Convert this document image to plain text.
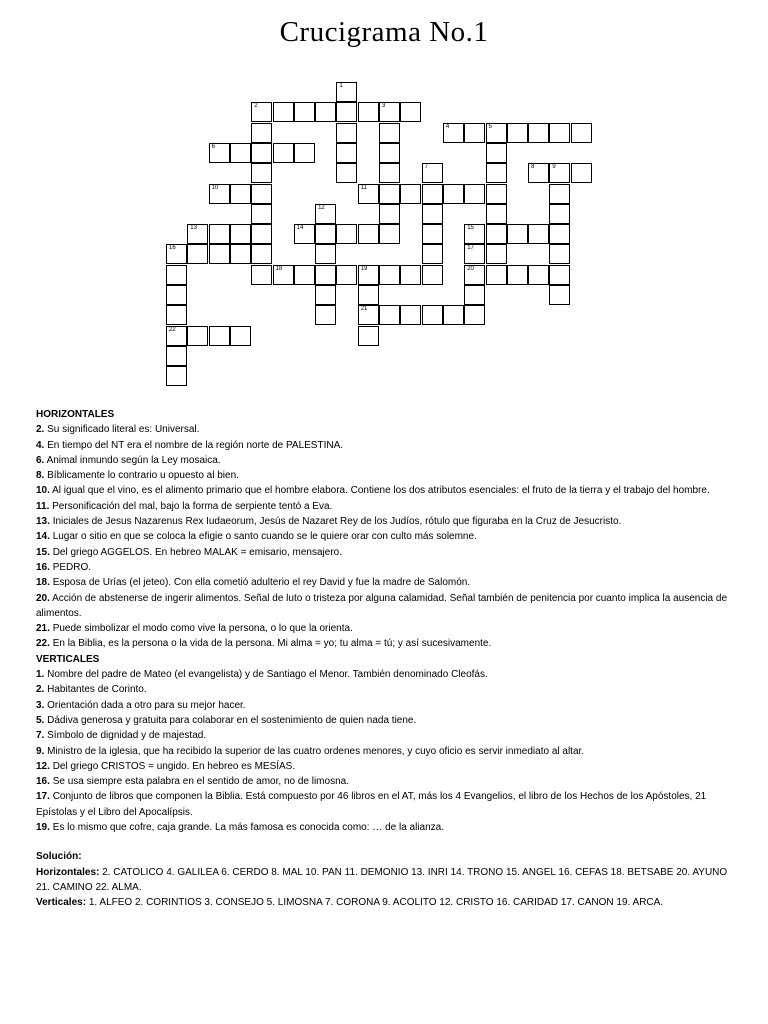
Crucigrama No.1
1
2	3
4	5
6
7	8	9
10	11
12
13	14	15
16
22
17
20
18	19
21

HORIZONTALES

2. Su significado literal es: Universal.

4. En tiempo del NT era el nombre de la región norte de PALESTINA.

6. Animal inmundo según la Ley mosaica.

8. Bíblicamente lo contrario u opuesto al bien.

10. Al igual que el vino, es el alimento primario que el hombre elabora. Contiene los dos atributos esenciales: el fruto de la tierra y el trabajo del hombre.

11. Personificación del mal, bajo la forma de serpiente tentó a Eva.

13. Iniciales de Jesus Nazarenus Rex Iudaeorum, Jesús de Nazaret Rey de los Judíos, rótulo que figuraba en la Cruz de Jesucristo.

14. Lugar o sitio en que se coloca la efigie o santo cuando se le quiere orar con culto más solemne.

15. Del griego AGGELOS. En hebreo MALAK = emisario, mensajero.

16. PEDRO.

18. Esposa de Urías (el jeteo). Con ella cometió adulterio el rey David y fue la madre de Salomón.

20. Acción de abstenerse de ingerir alimentos. Señal de luto o tristeza por alguna calamidad. Señal también de penitencia por cuanto implica la ausencia de alimentos.

21. Puede simbolizar el modo como vive la persona, o lo que la orienta.

22. En la Biblia, es la persona o la vida de la persona. Mi alma = yo; tu alma = tú; y así sucesivamente.

VERTICALES

1. Nombre del padre de Mateo (el evangelista) y de Santiago el Menor. También denominado Cleofás.

2. Habitantes de Corinto.

3. Orientación dada a otro para su mejor hacer.

5. Dádiva generosa y gratuita para colaborar en el sostenimiento de quien nada tiene.

7. Símbolo de dignidad y de majestad.

9. Ministro de la iglesia, que ha recibido la superior de las cuatro ordenes menores, y cuyo oficio es servir inmediato al altar.

12. Del griego CRISTOS = ungido. En hebreo es MESÍAS.

16. Se usa siempre esta palabra en el sentido de amor, no de limosna.

17. Conjunto de libros que componen la Biblia. Está compuesto por 46 libros en el AT, más los 4 Evangelios, el libro de los Hechos de los Apóstoles, 21 Epístolas y el Libro del Apocalípsis.

19. Es lo mismo que cofre, caja grande. La más famosa es conocida como: … de la alianza.

Solución:

Horizontales: 2. CATOLICO 4. GALILEA 6. CERDO 8. MAL 10. PAN 11. DEMONIO 13. INRI 14. TRONO 15. ANGEL 16. CEFAS 18. BETSABE 20. AYUNO 21. CAMINO 22. ALMA.

Verticales: 1. ALFEO 2. CORINTIOS 3. CONSEJO 5. LIMOSNA 7. CORONA 9. ACOLITO 12. CRISTO 16. CARIDAD 17. CANON 19. ARCA.
